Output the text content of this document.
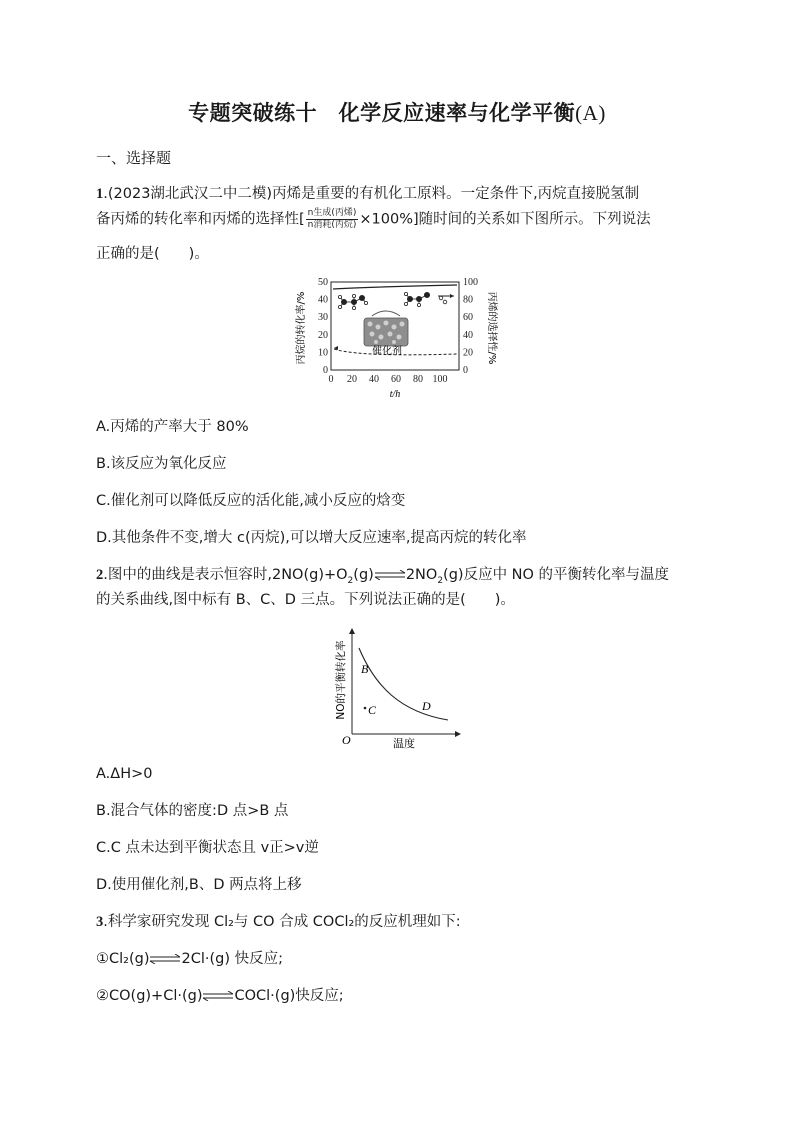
专题突破练十　化学反应速率与化学平衡(A)
一、选择题
1.(2023湖北武汉二中二模)丙烯是重要的有机化工原料。一定条件下,丙烷直接脱氢制
备丙烯的转化率和丙烯的选择性[ $\frac{\text{n生成(丙烯)}}{\text{n消耗(丙烷)}} \times 100\%$]随时间的关系如下图所示。下列说法
正确的是(　　)。
0
10
20
30
40
50
0
20
40
60
80
100
0 20 40 60 80 100
t/h
丙烷的转化率/%	丙烯的选择性/%
催化剂
A.丙烯的产率大于 80%
B.该反应为氧化反应
C.催化剂可以降低反应的活化能,减小反应的焓变
D.其他条件不变,增大 c(丙烷),可以增大反应速率,提高丙烷的转化率
2.图中的曲线是表示恒容时$,2NO(g)+O_2(g)\rightleftharpoons 2NO_2(g)$反应中 NO 的平衡转化率与温度
的关系曲线,图中标有 B、C、D 三点。下列说法正确的是(　　)。
B
C	D
O	温度
NO的平衡转化率
A.ΔH>0
B.混合气体的密度:D 点>B 点
C.C 点未达到平衡状态且 v正>v逆
D.使用催化剂,B、D 两点将上移
3.科学家研究发现 Cl₂与 CO 合成 COCl₂的反应机理如下:
①Cl₂(g)⇌2Cl·(g) 快反应;
②CO(g)+Cl·(g)⇌COCl·(g)快反应;
